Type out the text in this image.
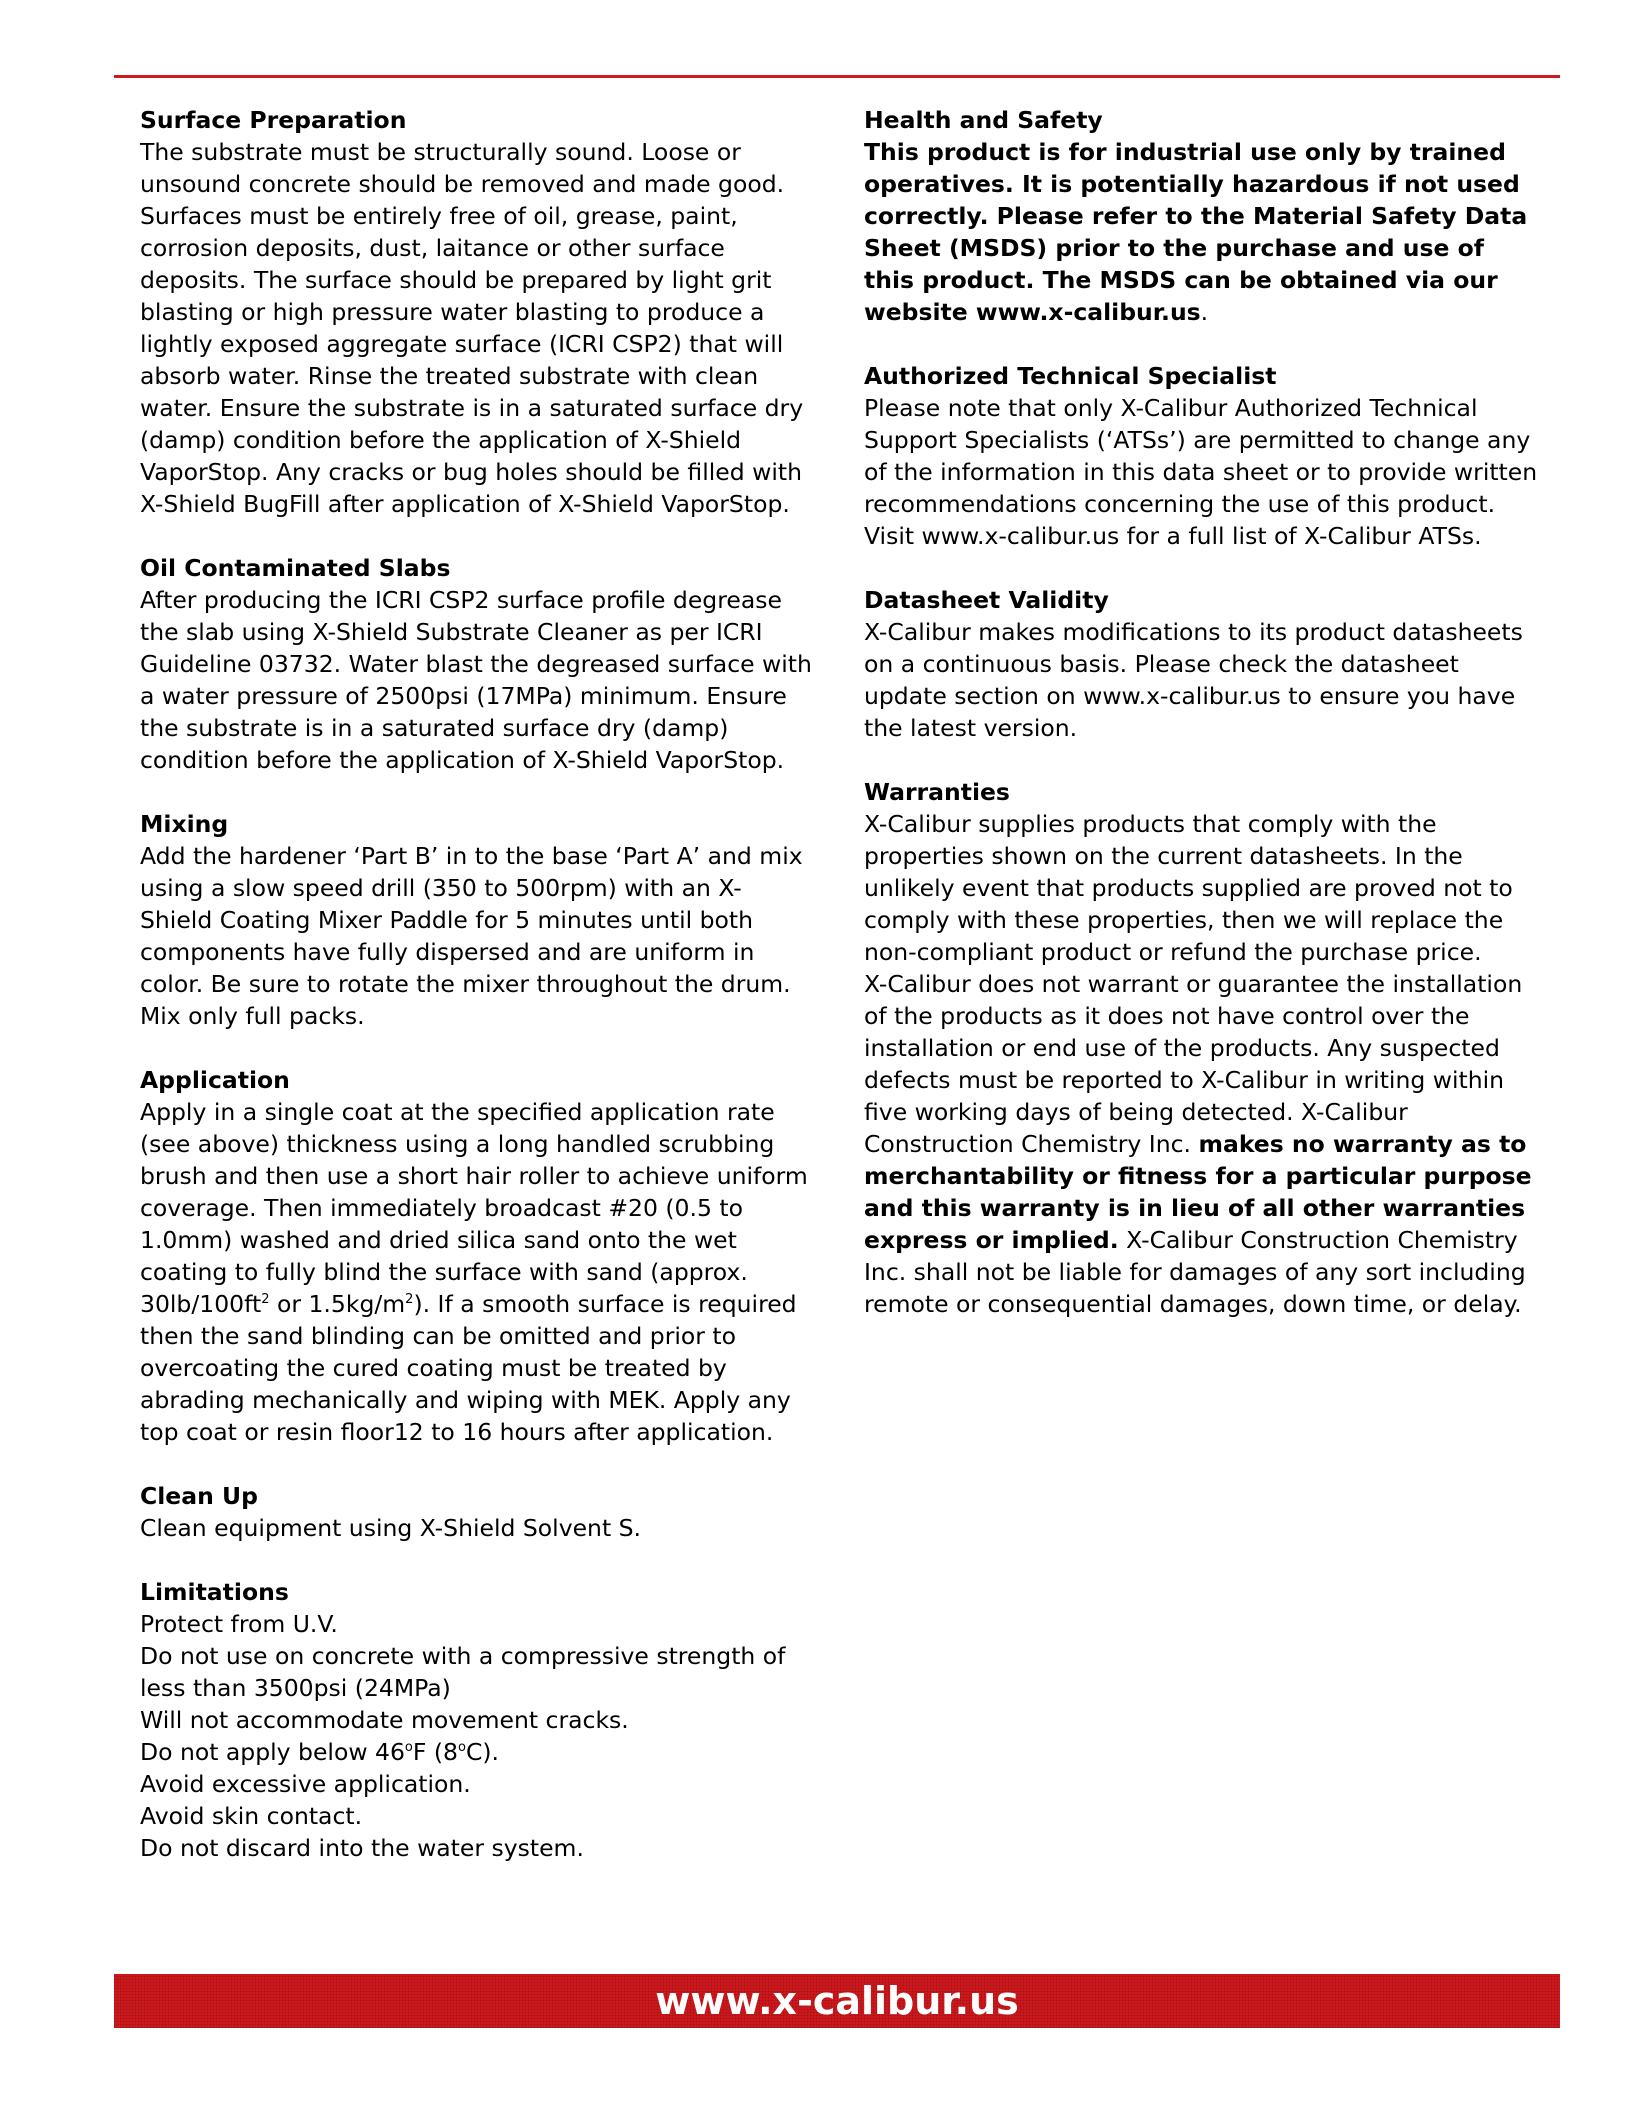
Surface Preparation
The substrate must be structurally sound. Loose or
unsound concrete should be removed and made good.
Surfaces must be entirely free of oil, grease, paint,
corrosion deposits, dust, laitance or other surface
deposits. The surface should be prepared by light grit
blasting or high pressure water blasting to produce a
lightly exposed aggregate surface (ICRI CSP2) that will
absorb water. Rinse the treated substrate with clean
water. Ensure the substrate is in a saturated surface dry
(damp) condition before the application of X-Shield
VaporStop. Any cracks or bug holes should be filled with
X-Shield BugFill after application of X-Shield VaporStop.
Oil Contaminated Slabs
After producing the ICRI CSP2 surface profile degrease
the slab using X-Shield Substrate Cleaner as per ICRI
Guideline 03732. Water blast the degreased surface with
a water pressure of 2500psi (17MPa) minimum. Ensure
the substrate is in a saturated surface dry (damp)
condition before the application of X-Shield VaporStop.
Mixing
Add the hardener ‘Part B’ in to the base ‘Part A’ and mix
using a slow speed drill (350 to 500rpm) with an X-
Shield Coating Mixer Paddle for 5 minutes until both
components have fully dispersed and are uniform in
color. Be sure to rotate the mixer throughout the drum.
Mix only full packs.
Application
Apply in a single coat at the specified application rate
(see above) thickness using a long handled scrubbing
brush and then use a short hair roller to achieve uniform
coverage. Then immediately broadcast #20 (0.5 to
1.0mm) washed and dried silica sand onto the wet
coating to fully blind the surface with sand (approx.
$30lb/100ft^2$ or $1.5kg/m^2$). If a smooth surface is required
then the sand blinding can be omitted and prior to
overcoating the cured coating must be treated by
abrading mechanically and wiping with MEK. Apply any
top coat or resin floor12 to 16 hours after application.
Clean Up
Clean equipment using X-Shield Solvent S.
Limitations
Protect from U.V.
Do not use on concrete with a compressive strength of
less than 3500psi (24MPa)
Will not accommodate movement cracks.
Do not apply below 46$^o$F (8$^o$C).
Avoid excessive application.
Avoid skin contact.
Do not discard into the water system.
Health and Safety
This product is for industrial use only by trained
operatives. It is potentially hazardous if not used
correctly. Please refer to the Material Safety Data
Sheet (MSDS) prior to the purchase and use of
this product. The MSDS can be obtained via our
website www.x-calibur.us.
Authorized Technical Specialist
Please note that only X-Calibur Authorized Technical
Support Specialists (‘ATSs’) are permitted to change any
of the information in this data sheet or to provide written
recommendations concerning the use of this product.
Visit www.x-calibur.us for a full list of X-Calibur ATSs.
Datasheet Validity
X-Calibur makes modifications to its product datasheets
on a continuous basis. Please check the datasheet
update section on www.x-calibur.us to ensure you have
the latest version.
Warranties
X-Calibur supplies products that comply with the
properties shown on the current datasheets. In the
unlikely event that products supplied are proved not to
comply with these properties, then we will replace the
non-compliant product or refund the purchase price.
X-Calibur does not warrant or guarantee the installation
of the products as it does not have control over the
installation or end use of the products. Any suspected
defects must be reported to X-Calibur in writing within
five working days of being detected. X-Calibur
Construction Chemistry Inc. makes no warranty as to
merchantability or fitness for a particular purpose
and this warranty is in lieu of all other warranties
express or implied. X-Calibur Construction Chemistry
Inc. shall not be liable for damages of any sort including
remote or consequential damages, down time, or delay.
www.x-calibur.us
